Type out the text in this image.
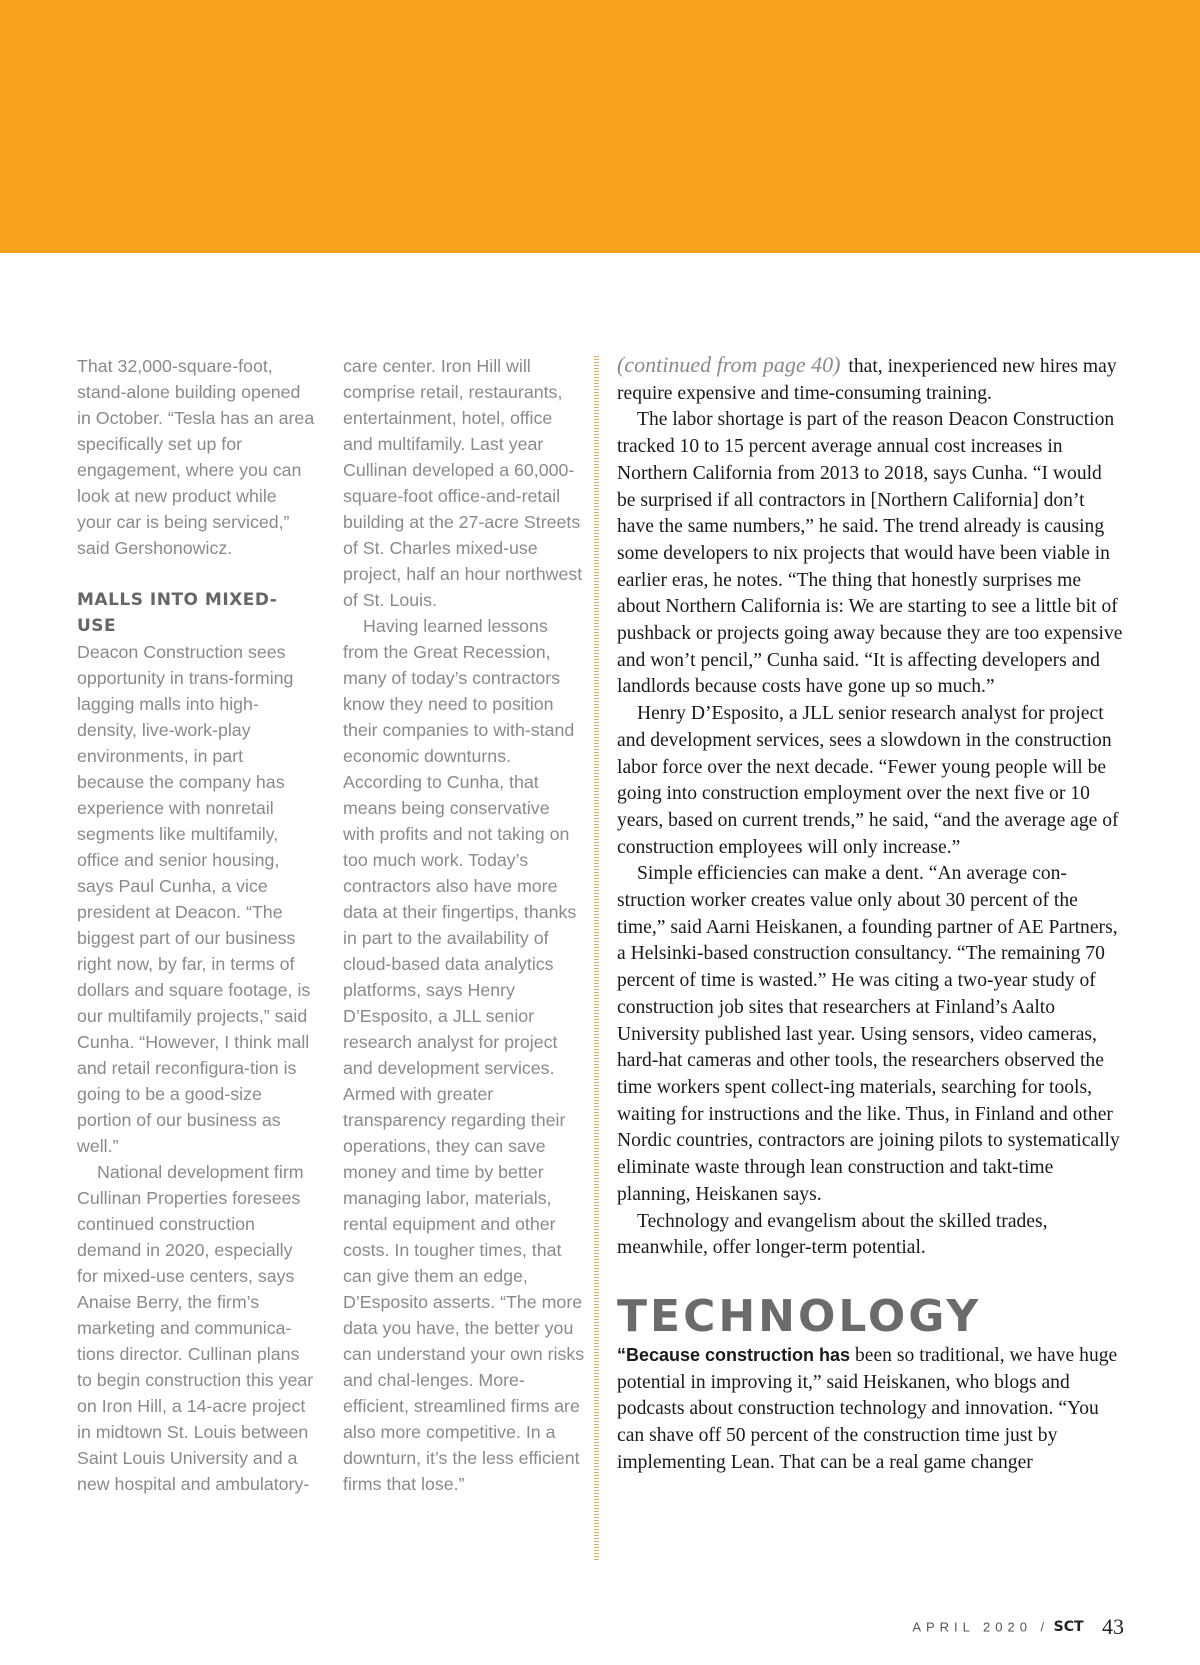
That 32,000-square-foot, stand-alone building opened in October. “Tesla has an area specifically set up for engagement, where you can look at new product while your car is being serviced,” said Gershonowicz.

MALLS INTO MIXED-USE

Deacon Construction sees opportunity in trans-forming lagging malls into high-density, live-work-play environments, in part because the company has experience with nonretail segments like multifamily, office and senior housing, says Paul Cunha, a vice president at Deacon. “The biggest part of our business right now, by far, in terms of dollars and square footage, is our multifamily projects,” said Cunha. “However, I think mall and retail reconfigura-tion is going to be a good-size portion of our business as well.”

National development firm Cullinan Properties foresees continued construction demand in 2020, especially for mixed-use centers, says Anaise Berry, the firm’s marketing and communica-tions director. Cullinan plans to begin construction this year on Iron Hill, a 14-acre project in midtown St. Louis between Saint Louis University and a new hospital and ambulatory-

care center. Iron Hill will comprise retail, restaurants, entertainment, hotel, office and multifamily. Last year Cullinan developed a 60,000-square-foot office-and-retail building at the 27-acre Streets of St. Charles mixed-use project, half an hour northwest of St. Louis.

Having learned lessons from the Great Recession, many of today’s contractors know they need to position their companies to with-stand economic downturns. According to Cunha, that means being conservative with profits and not taking on too much work. Today’s contractors also have more data at their fingertips, thanks in part to the availability of cloud-based data analytics platforms, says Henry D’Esposito, a JLL senior research analyst for project and development services. Armed with greater transparency regarding their operations, they can save money and time by better managing labor, materials, rental equipment and other costs. In tougher times, that can give them an edge, D’Esposito asserts. “The more data you have, the better you can understand your own risks and chal-lenges. More-efficient, streamlined firms are also more competitive. In a downturn, it’s the less efficient firms that lose.”

(continued from page 40) that, inexperienced new hires may require expensive and time-consuming training.

The labor shortage is part of the reason Deacon Construction tracked 10 to 15 percent average annual cost increases in Northern California from 2013 to 2018, says Cunha. “I would be surprised if all contractors in [Northern California] don’t have the same numbers,” he said. The trend already is causing some developers to nix projects that would have been viable in earlier eras, he notes. “The thing that honestly surprises me about Northern California is: We are starting to see a little bit of pushback or projects going away because they are too expensive and won’t pencil,” Cunha said. “It is affecting developers and landlords because costs have gone up so much.”

Henry D’Esposito, a JLL senior research analyst for project and development services, sees a slowdown in the construction labor force over the next decade. “Fewer young people will be going into construction employment over the next five or 10 years, based on current trends,” he said, “and the average age of construction employees will only increase.”

Simple efficiencies can make a dent. “An average con-struction worker creates value only about 30 percent of the time,” said Aarni Heiskanen, a founding partner of AE Partners, a Helsinki-based construction consultancy. “The remaining 70 percent of time is wasted.” He was citing a two-year study of construction job sites that researchers at Finland’s Aalto University published last year. Using sensors, video cameras, hard-hat cameras and other tools, the researchers observed the time workers spent collect-ing materials, searching for tools, waiting for instructions and the like. Thus, in Finland and other Nordic countries, contractors are joining pilots to systematically eliminate waste through lean construction and takt-time planning, Heiskanen says.

Technology and evangelism about the skilled trades, meanwhile, offer longer-term potential.

TECHNOLOGY

“Because construction has been so traditional, we have huge potential in improving it,” said Heiskanen, who blogs and podcasts about construction technology and innovation. “You can shave off 50 percent of the construction time just by implementing Lean. That can be a real game changer

APRIL 2020 / SCT 43
